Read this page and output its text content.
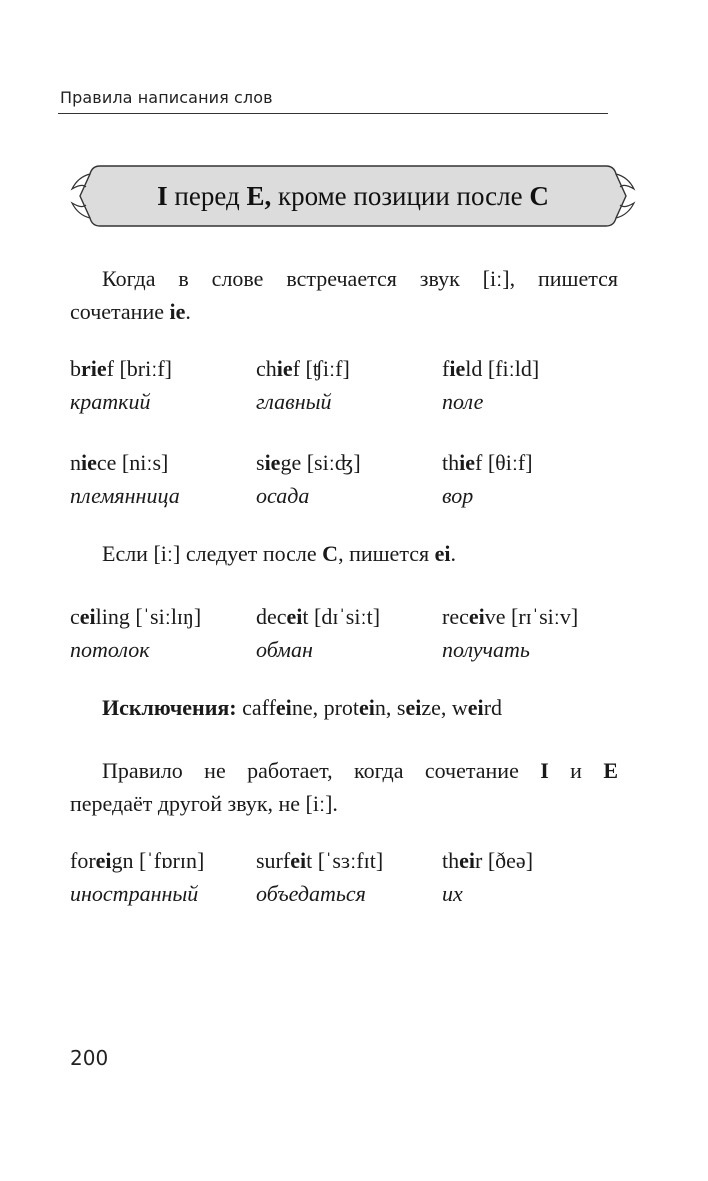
Правила написания слов
I перед E, кроме позиции после C
Когда в слове встречается звук [iː], пишется
сочетание ie.
brief [briːf]	chief [ʧiːf]	field [fiːld]
краткий	главный	поле
niece [niːs]	siege [siːʤ]	thief [θiːf]
племянница	осада	вор
Если [iː] следует после C, пишется ei.
ceiling [ˈsiːlɪŋ]	deceit [dɪˈsiːt]	receive [rɪˈsiːv]
потолок	обман	получать
Исключения: caffeine, protein, seize, weird
Правило не работает, когда сочетание I и E
передаёт другой звук, не [iː].
foreign [ˈfɒrɪn]	surfeit [ˈsɜːfɪt]	their [ðeə]
иностранный	объедаться	их
200
